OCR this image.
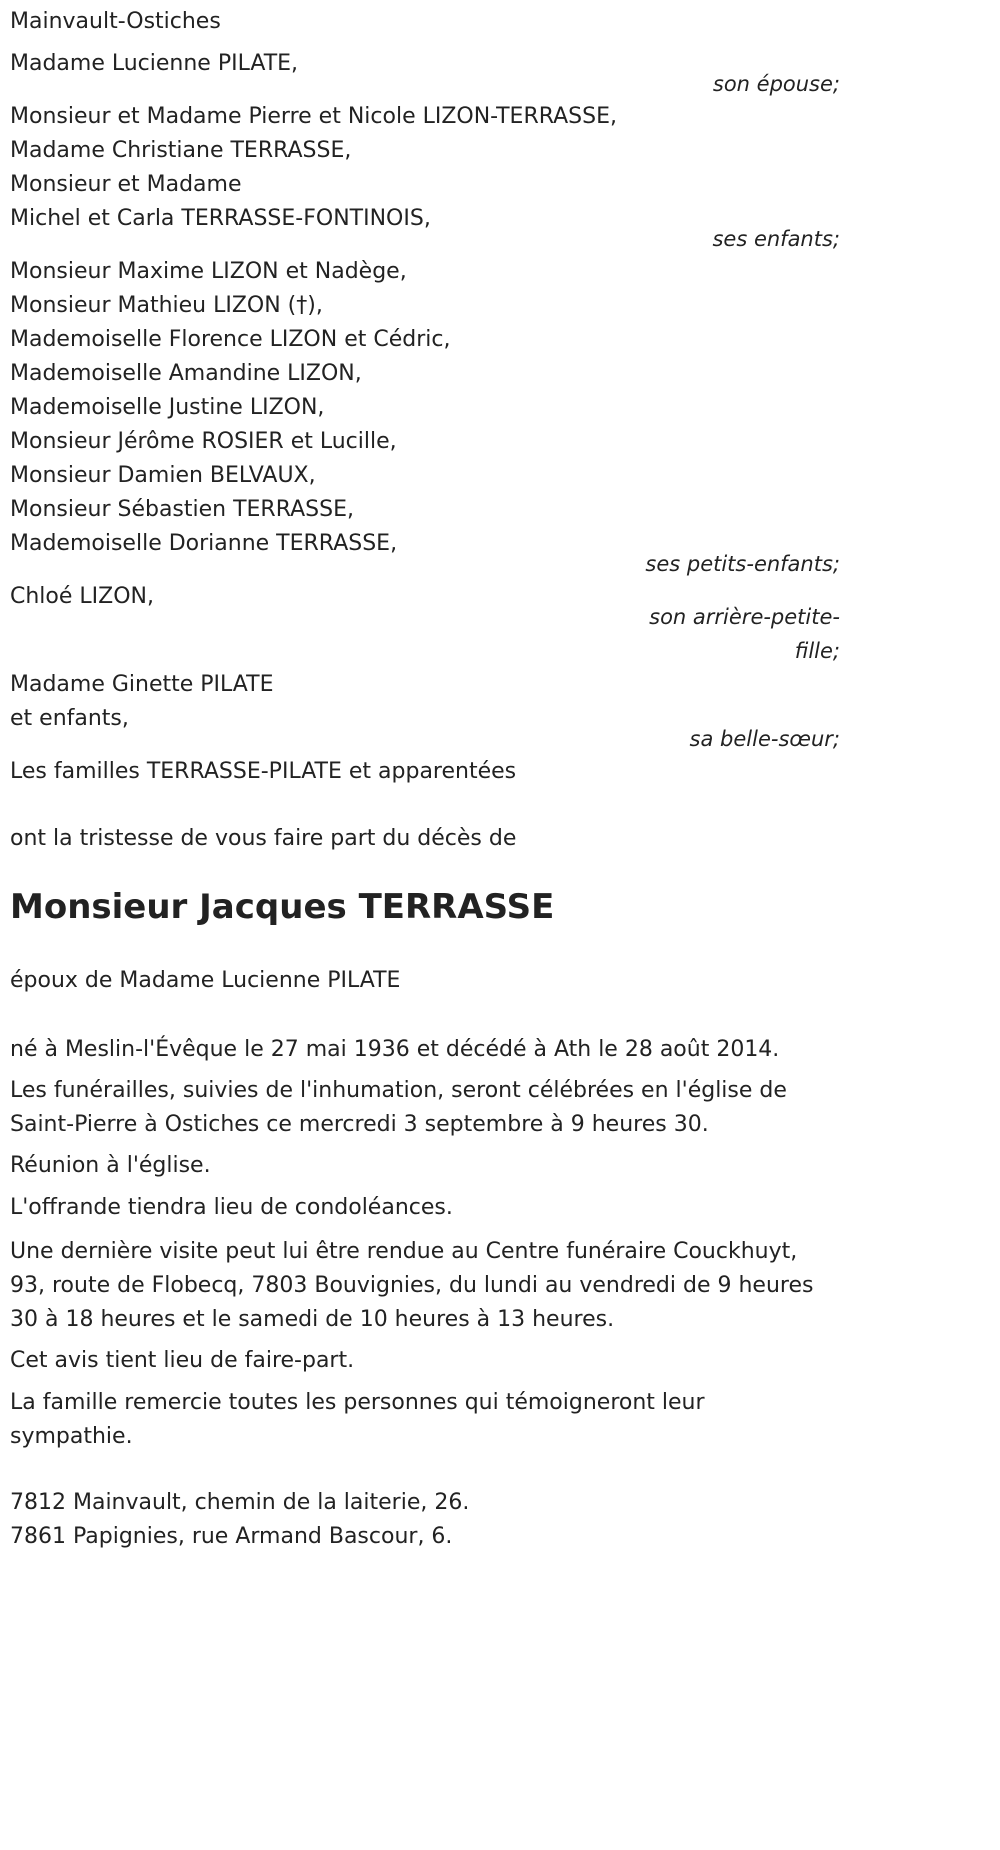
Mainvault-Ostiches
Madame Lucienne PILATE,
son épouse;
Monsieur et Madame Pierre et Nicole LIZON-TERRASSE,
Madame Christiane TERRASSE,
Monsieur et Madame
Michel et Carla TERRASSE-FONTINOIS,
ses enfants;
Monsieur Maxime LIZON et Nadège,
Monsieur Mathieu LIZON (†),
Mademoiselle Florence LIZON et Cédric,
Mademoiselle Amandine LIZON,
Mademoiselle Justine LIZON,
Monsieur Jérôme ROSIER et Lucille,
Monsieur Damien BELVAUX,
Monsieur Sébastien TERRASSE,
Mademoiselle Dorianne TERRASSE,
ses petits-enfants;
Chloé LIZON,
son arrière-petite-
fille;
Madame Ginette PILATE
et enfants,
sa belle-sœur;
Les familles TERRASSE-PILATE et apparentées
ont la tristesse de vous faire part du décès de
Monsieur Jacques TERRASSE
époux de Madame Lucienne PILATE
né à Meslin-l'Évêque le 27 mai 1936 et décédé à Ath le 28 août 2014.
Les funérailles, suivies de l'inhumation, seront célébrées en l'église de
Saint-Pierre à Ostiches ce mercredi 3 septembre à 9 heures 30.
Réunion à l'église.
L'offrande tiendra lieu de condoléances.
Une dernière visite peut lui être rendue au Centre funéraire Couckhuyt,
93, route de Flobecq, 7803 Bouvignies, du lundi au vendredi de 9 heures
30 à 18 heures et le samedi de 10 heures à 13 heures.
Cet avis tient lieu de faire-part.
La famille remercie toutes les personnes qui témoigneront leur
sympathie.
7812 Mainvault, chemin de la laiterie, 26.
7861 Papignies, rue Armand Bascour, 6.
